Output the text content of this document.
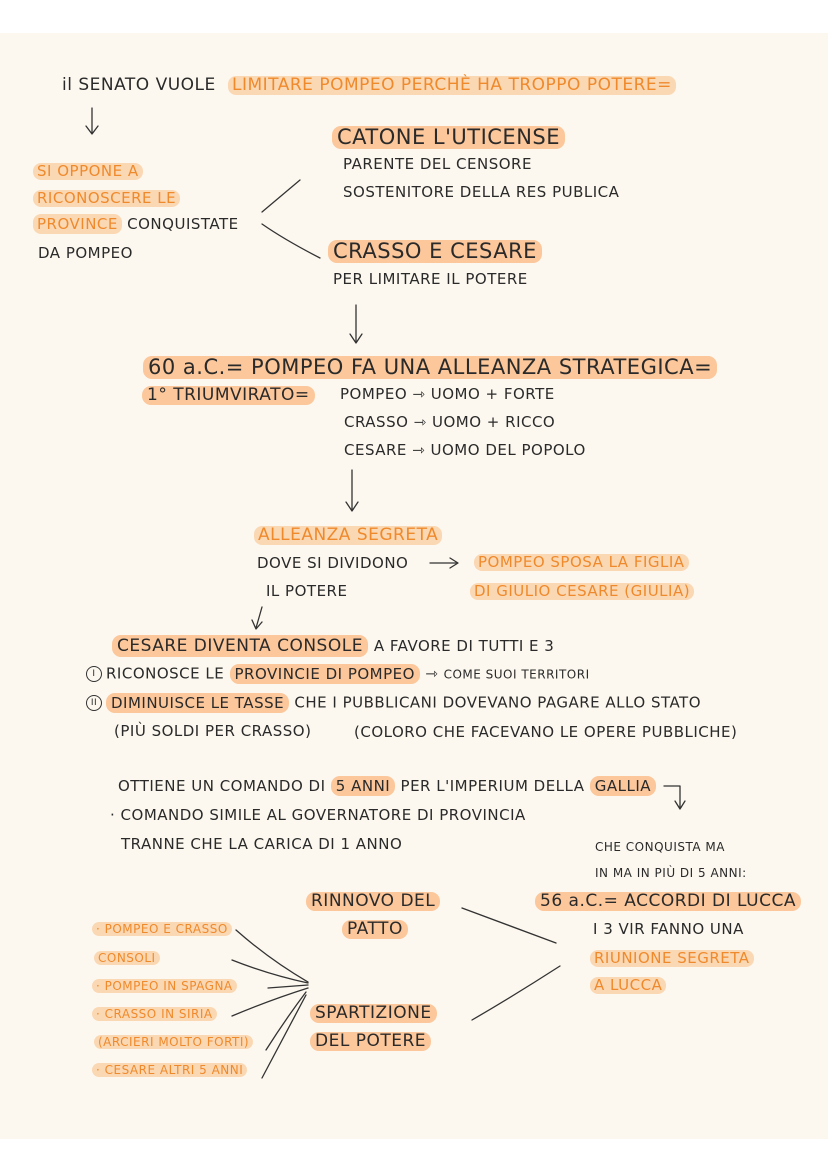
il SENATO VUOLE LIMITARE POMPEO PERCHÈ HA TROPPO POTERE=
SI OPPONE A
RICONOSCERE LE
PROVINCE CONQUISTATE
DA POMPEO
CATONE L'UTICENSE
PARENTE DEL CENSORE
SOSTENITORE DELLA RES PUBLICA
CRASSO E CESARE
PER LIMITARE IL POTERE
60 a.C.= POMPEO FA UNA ALLEANZA STRATEGICA=
1° TRIUMVIRATO=	POMPEO ⇾ UOMO + FORTE
CRASSO ⇾ UOMO + RICCO
CESARE ⇾ UOMO DEL POPOLO
ALLEANZA SEGRETA
DOVE SI DIVIDONO
IL POTERE
POMPEO SPOSA LA FIGLIA
DI GIULIO CESARE (GIULIA)
CESARE DIVENTA CONSOLE A FAVORE DI TUTTI E 3
I RICONOSCE LE PROVINCIE DI POMPEO ⇾ COME SUOI TERRITORI
II DIMINUISCE LE TASSE CHE I PUBBLICANI DOVEVANO PAGARE ALLO STATO
(PIÙ SOLDI PER CRASSO)	(COLORO CHE FACEVANO LE OPERE PUBBLICHE)
OTTIENE UN COMANDO DI 5 ANNI PER L'IMPERIUM DELLA GALLIA
· COMANDO SIMILE AL GOVERNATORE DI PROVINCIA
TRANNE CHE LA CARICA DI 1 ANNO	CHE CONQUISTA MA
IN MA IN PIÙ DI 5 ANNI:
56 a.C.= ACCORDI DI LUCCA
I 3 VIR FANNO UNA
RIUNIONE SEGRETA
A LUCCA
RINNOVO DEL
PATTO
SPARTIZIONE
DEL POTERE
· POMPEO E CRASSO
CONSOLI
· POMPEO IN SPAGNA
· CRASSO IN SIRIA
(ARCIERI MOLTO FORTI)
· CESARE ALTRI 5 ANNI
